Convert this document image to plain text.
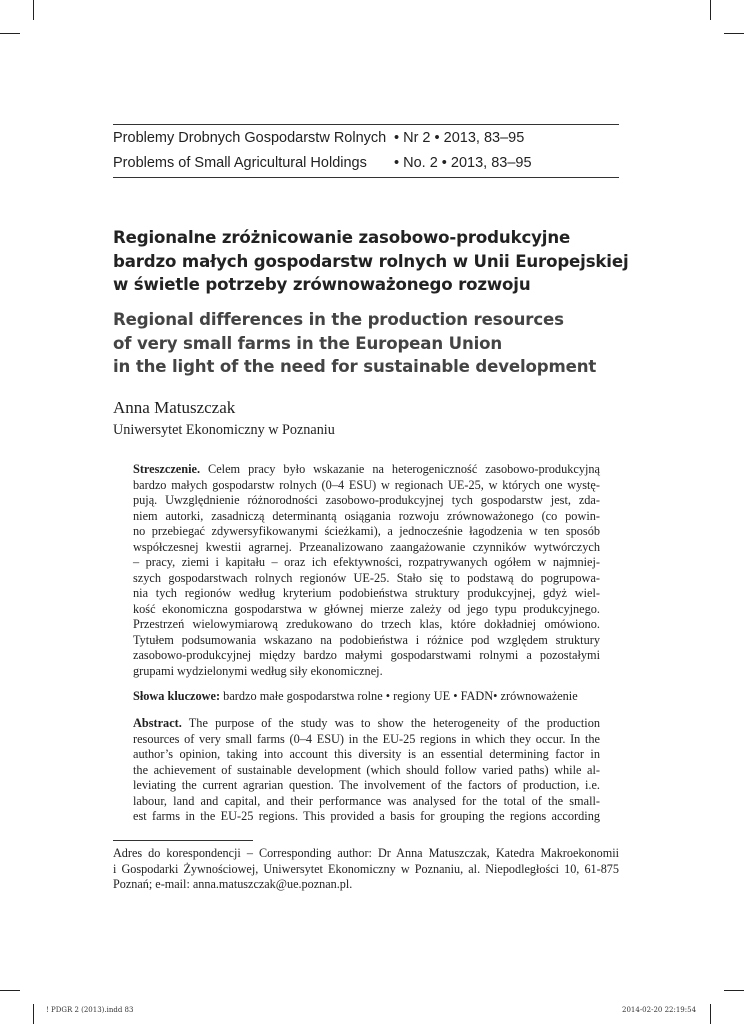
Problemy Drobnych Gospodarstw Rolnych • Nr 2 • 2013, 83–95
Problems of Small Agricultural Holdings • No. 2 • 2013, 83–95
Regionalne zróżnicowanie zasobowo-produkcyjne
bardzo małych gospodarstw rolnych w Unii Europejskiej
w świetle potrzeby zrównoważonego rozwoju
Regional differences in the production resources
of very small farms in the European Union
in the light of the need for sustainable development
Anna Matuszczak
Uniwersytet Ekonomiczny w Poznaniu
Streszczenie. Celem pracy było wskazanie na heterogeniczność zasobowo-produkcyjną
bardzo małych gospodarstw rolnych (0–4 ESU) w regionach UE-25, w których one wystę-
pują. Uwzględnienie różnorodności zasobowo-produkcyjnej tych gospodarstw jest, zda-
niem autorki, zasadniczą determinantą osiągania rozwoju zrównoważonego (co powin-
no przebiegać zdywersyfikowanymi ścieżkami), a jednocześnie łagodzenia w ten sposób
współczesnej kwestii agrarnej. Przeanalizowano zaangażowanie czynników wytwórczych
– pracy, ziemi i kapitału – oraz ich efektywności, rozpatrywanych ogółem w najmniej-
szych gospodarstwach rolnych regionów UE-25. Stało się to podstawą do pogrupowa-
nia tych regionów według kryterium podobieństwa struktury produkcyjnej, gdyż wiel-
kość ekonomiczna gospodarstwa w głównej mierze zależy od jego typu produkcyjnego.
Przestrzeń wielowymiarową zredukowano do trzech klas, które dokładniej omówiono.
Tytułem podsumowania wskazano na podobieństwa i różnice pod względem struktury
zasobowo-produkcyjnej między bardzo małymi gospodarstwami rolnymi a pozostałymi
grupami wydzielonymi według siły ekonomicznej.
Słowa kluczowe: bardzo małe gospodarstwa rolne • regiony UE • FADN• zrównoważenie
Abstract. The purpose of the study was to show the heterogeneity of the production
resources of very small farms (0–4 ESU) in the EU-25 regions in which they occur. In the
author’s opinion, taking into account this diversity is an essential determining factor in
the achievement of sustainable development (which should follow varied paths) while al-
leviating the current agrarian question. The involvement of the factors of production, i.e.
labour, land and capital, and their performance was analysed for the total of the small-
est farms in the EU-25 regions. This provided a basis for grouping the regions according
Adres do korespondencji – Corresponding author: Dr Anna Matuszczak, Katedra Makroekonomii
i Gospodarki Żywnościowej, Uniwersytet Ekonomiczny w Poznaniu, al. Niepodległości 10, 61-875
Poznań; e-mail: anna.matuszczak@ue.poznan.pl.
! PDGR 2 (2013).indd 83	2014-02-20 22:19:54
